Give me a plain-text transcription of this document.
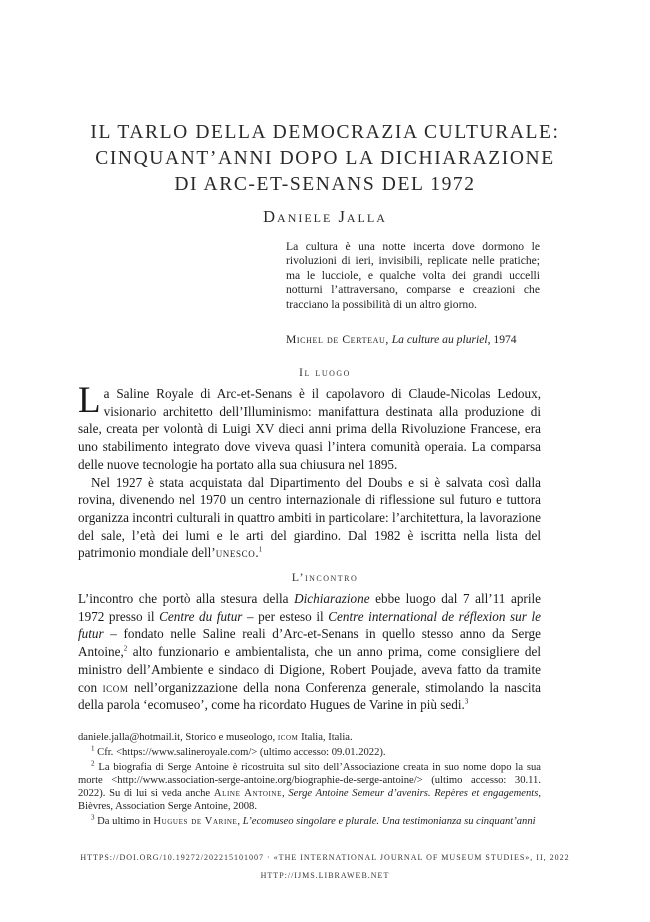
IL TARLO DELLA DEMOCRAZIA CULTURALE:
CINQUANT’ANNI DOPO LA DICHIARAZIONE
DI ARC-ET-SENANS DEL 1972
Daniele Jalla
La cultura è una notte incerta dove dormono le rivoluzioni di ieri, invisibili, replicate nelle pratiche; ma le lucciole, e qualche volta dei grandi uccelli notturni l’attraversano, comparse e creazioni che tracciano la possibilità di un altro giorno.
Michel de Certeau, La culture au pluriel, 1974
Il luogo

La Saline Royale di Arc-et-Senans è il capolavoro di Claude-Nicolas Ledoux, visionario architetto dell’Illuminismo: manifattura destinata alla produzione di sale, creata per volontà di Luigi XV dieci anni prima della Rivoluzione Francese, era uno stabilimento integrato dove viveva quasi l’intera comunità operaia. La comparsa delle nuove tecnologie ha portato alla sua chiusura nel 1895.

Nel 1927 è stata acquistata dal Dipartimento del Doubs e si è salvata così dalla rovina, divenendo nel 1970 un centro internazionale di riflessione sul futuro e tuttora organizza incontri culturali in quattro ambiti in particolare: l’architettura, la lavorazione del sale, l’età dei lumi e le arti del giardino. Dal 1982 è iscritta nella lista del patrimonio mondiale dell’unesco.$^1$

L’incontro

L’incontro che portò alla stesura della Dichiarazione ebbe luogo dal 7 all’11 aprile 1972 presso il Centre du futur – per esteso il Centre international de réflexion sur le futur – fondato nelle Saline reali d’Arc-et-Senans in quello stesso anno da Serge Antoine,$^2$ alto funzionario e ambientalista, che un anno prima, come consigliere del ministro dell’Ambiente e sindaco di Digione, Robert Poujade, aveva fatto da tramite con icom nell’organizzazione della nona Conferenza generale, stimolando la nascita della parola ‘ecomuseo’, come ha ricordato Hugues de Varine in più sedi.$^3$

daniele.jalla@hotmail.it, Storico e museologo, icom Italia, Italia.

$^1$ Cfr. <https://www.salineroyale.com/> (ultimo accesso: 09.01.2022).

$^2$ La biografia di Serge Antoine è ricostruita sul sito dell’Associazione creata in suo nome dopo la sua morte <http://www.association-serge-antoine.org/biographie-de-serge-antoine/> (ultimo accesso: 30.11. 2022). Su di lui si veda anche Aline Antoine, Serge Antoine Semeur d’avenirs. Repères et engagements, Bièvres, Association Serge Antoine, 2008.

$^3$ Da ultimo in Hugues de Varine, L’ecomuseo singolare e plurale. Una testimonianza su cinquant’anni

HTTPS://DOI.ORG/10.19272/202215101007 · «THE INTERNATIONAL JOURNAL OF MUSEUM STUDIES», II, 2022
HTTP://IJMS.LIBRAWEB.NET
